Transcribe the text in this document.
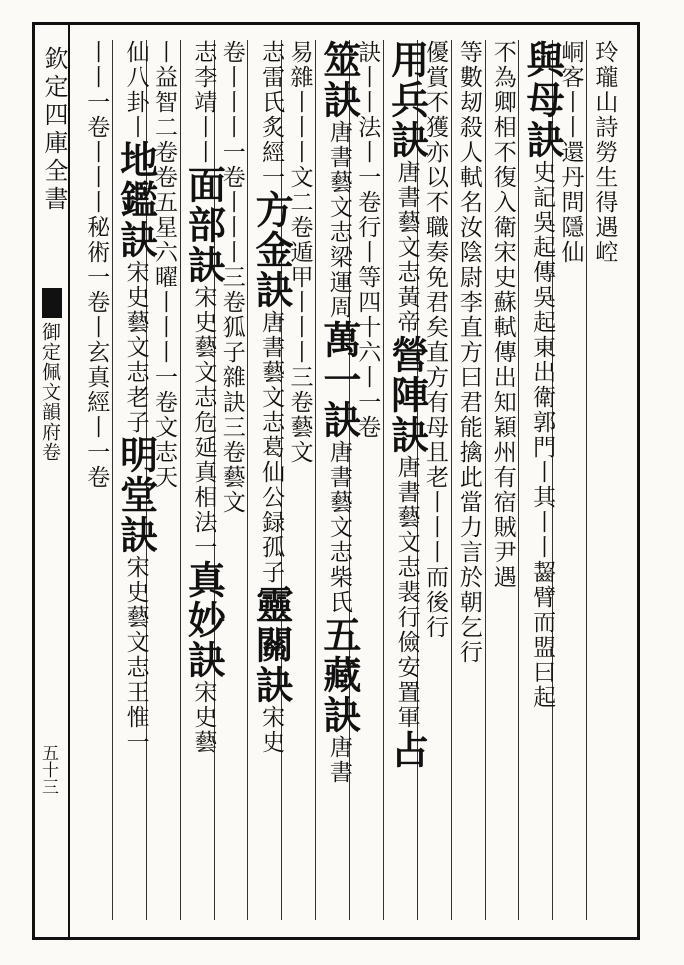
欽定四庫全書
御定佩文韻府卷
五十三
玲瓏山詩勞生得遇崆
峒客丨丨還丹問隱仙
與母訣史記吳起傳吳起東出衛郭門丨其丨丨齧臂而盟曰起
不為卿相不復入衛宋史蘇軾傳出知穎州有宿賊尹遇
等數刼殺人軾名汝陰尉李直方曰君能擒此當力言於朝乞行
優賞不獲亦以不職奏免君矣直方有母且老丨丨丨而後行
用兵訣唐書藝文志黃帝營陣訣唐書藝文志裴行儉安置軍占
訣丨丨法丨一卷行丨等四十六丨一卷
筮訣唐書藝文志梁運周萬一訣唐書藝文志柴氏五藏訣唐書
易雜丨丨丨文二卷遁甲丨丨丨三卷藝文
志雷氏炙經一方金訣唐書藝文志葛仙公録孤子靈關訣宋史
卷丨丨丨一卷丨丨丨三卷狐子雜訣三卷藝文
志李靖丨丨面部訣宋史藝文志危延真相法一真妙訣宋史藝
丨益智二卷卷五星六曜丨丨丨一卷文志天
仙八卦丨地鑑訣宋史藝文志老子明堂訣宋史藝文志王惟一
丨丨一卷丨丨丨秘術一卷丨玄真經丨一卷
